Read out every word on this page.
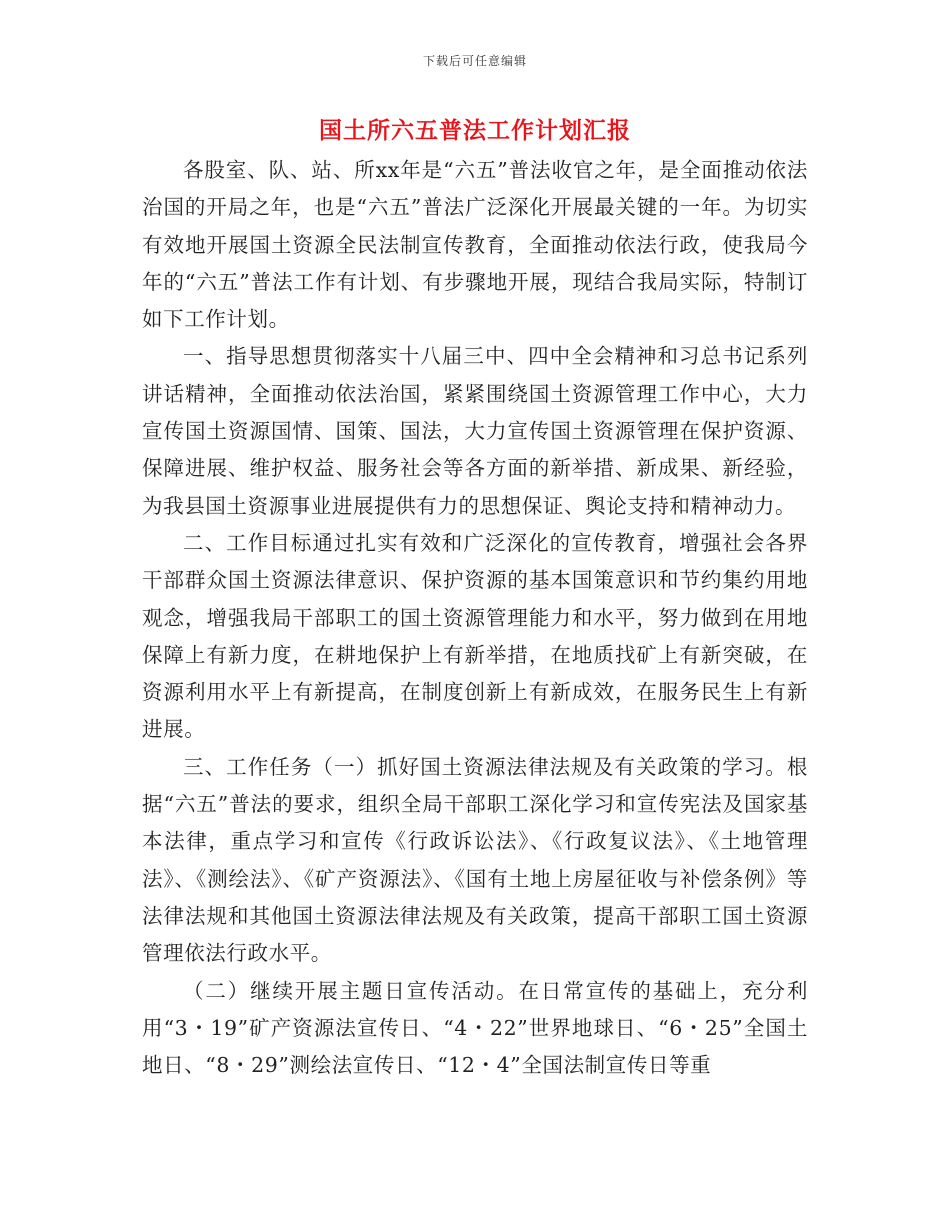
下载后可任意编辑
国土所六五普法工作计划汇报

各股室、队、站、所xx年是“六五”普法收官之年，是全面推动依法治国的开局之年，也是“六五”普法广泛深化开展最关键的一年。为切实有效地开展国土资源全民法制宣传教育，全面推动依法行政，使我局今年的“六五”普法工作有计划、有步骤地开展，现结合我局实际，特制订如下工作计划。

一、指导思想贯彻落实十八届三中、四中全会精神和习总书记系列讲话精神，全面推动依法治国，紧紧围绕国土资源管理工作中心，大力宣传国土资源国情、国策、国法，大力宣传国土资源管理在保护资源、保障进展、维护权益、服务社会等各方面的新举措、新成果、新经验，为我县国土资源事业进展提供有力的思想保证、舆论支持和精神动力。

二、工作目标通过扎实有效和广泛深化的宣传教育，增强社会各界干部群众国土资源法律意识、保护资源的基本国策意识和节约集约用地观念，增强我局干部职工的国土资源管理能力和水平，努力做到在用地保障上有新力度，在耕地保护上有新举措，在地质找矿上有新突破，在资源利用水平上有新提高，在制度创新上有新成效，在服务民生上有新进展。

三、工作任务（一）抓好国土资源法律法规及有关政策的学习。根据“六五”普法的要求，组织全局干部职工深化学习和宣传宪法及国家基本法律，重点学习和宣传《行政诉讼法》、《行政复议法》、《土地管理法》、《测绘法》、《矿产资源法》、《国有土地上房屋征收与补偿条例》等法律法规和其他国土资源法律法规及有关政策，提高干部职工国土资源管理依法行政水平。

（二）继续开展主题日宣传活动。在日常宣传的基础上，充分利用“3・19”矿产资源法宣传日、“4・22”世界地球日、“6・25”全国土地日、“8・29”测绘法宣传日、“12・4”全国法制宣传日等重
